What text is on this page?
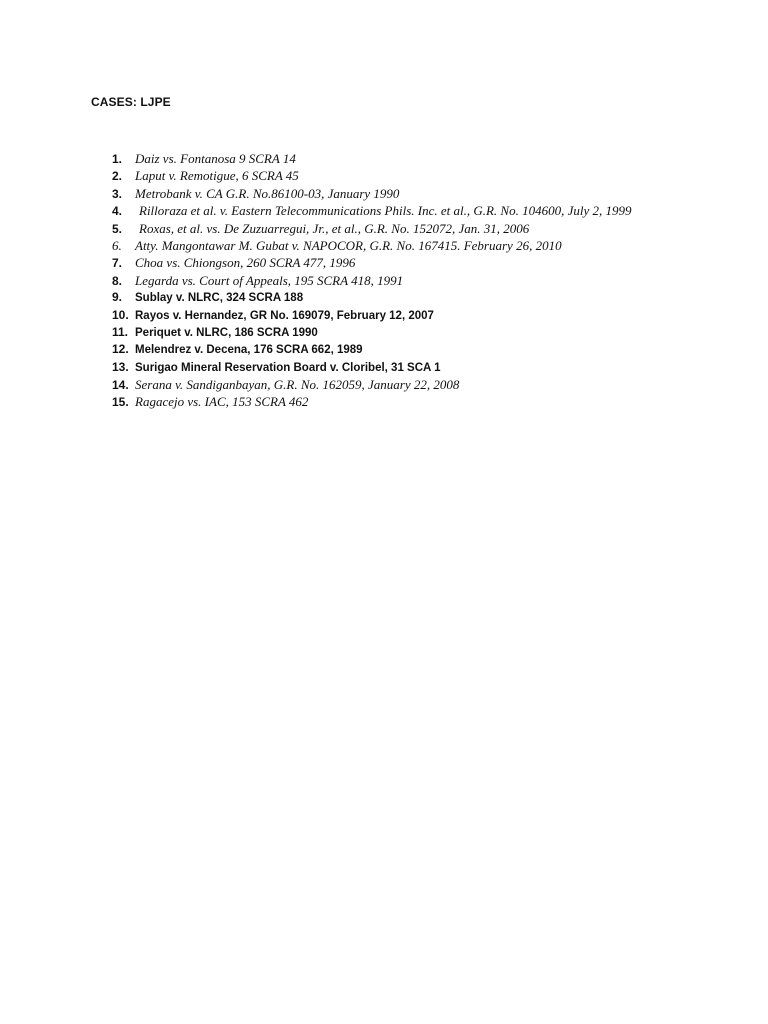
CASES: LJPE
1. Daiz vs. Fontanosa 9 SCRA 14
2. Laput v. Remotigue, 6 SCRA 45
3. Metrobank v. CA G.R. No.86100-03, January 1990
4.	Rilloraza et al. v. Eastern Telecommunications Phils. Inc. et al., G.R. No. 104600, July 2, 1999
5.	Roxas, et al. vs. De Zuzuarregui, Jr., et al., G.R. No. 152072, Jan. 31, 2006
6.	Atty. Mangontawar M. Gubat v. NAPOCOR, G.R. No. 167415. February 26, 2010
7. Choa vs. Chiongson, 260 SCRA 477, 1996
8. Legarda vs. Court of Appeals, 195 SCRA 418, 1991
9.	Sublay v. NLRC, 324 SCRA 188
10. Rayos v. Hernandez, GR No. 169079, February 12, 2007
11. Periquet v. NLRC, 186 SCRA 1990
12. Melendrez v. Decena, 176 SCRA 662, 1989
13. Surigao Mineral Reservation Board v. Cloribel, 31 SCA 1
14. Serana v. Sandiganbayan, G.R. No. 162059, January 22, 2008
15. Ragacejo vs. IAC, 153 SCRA 462
